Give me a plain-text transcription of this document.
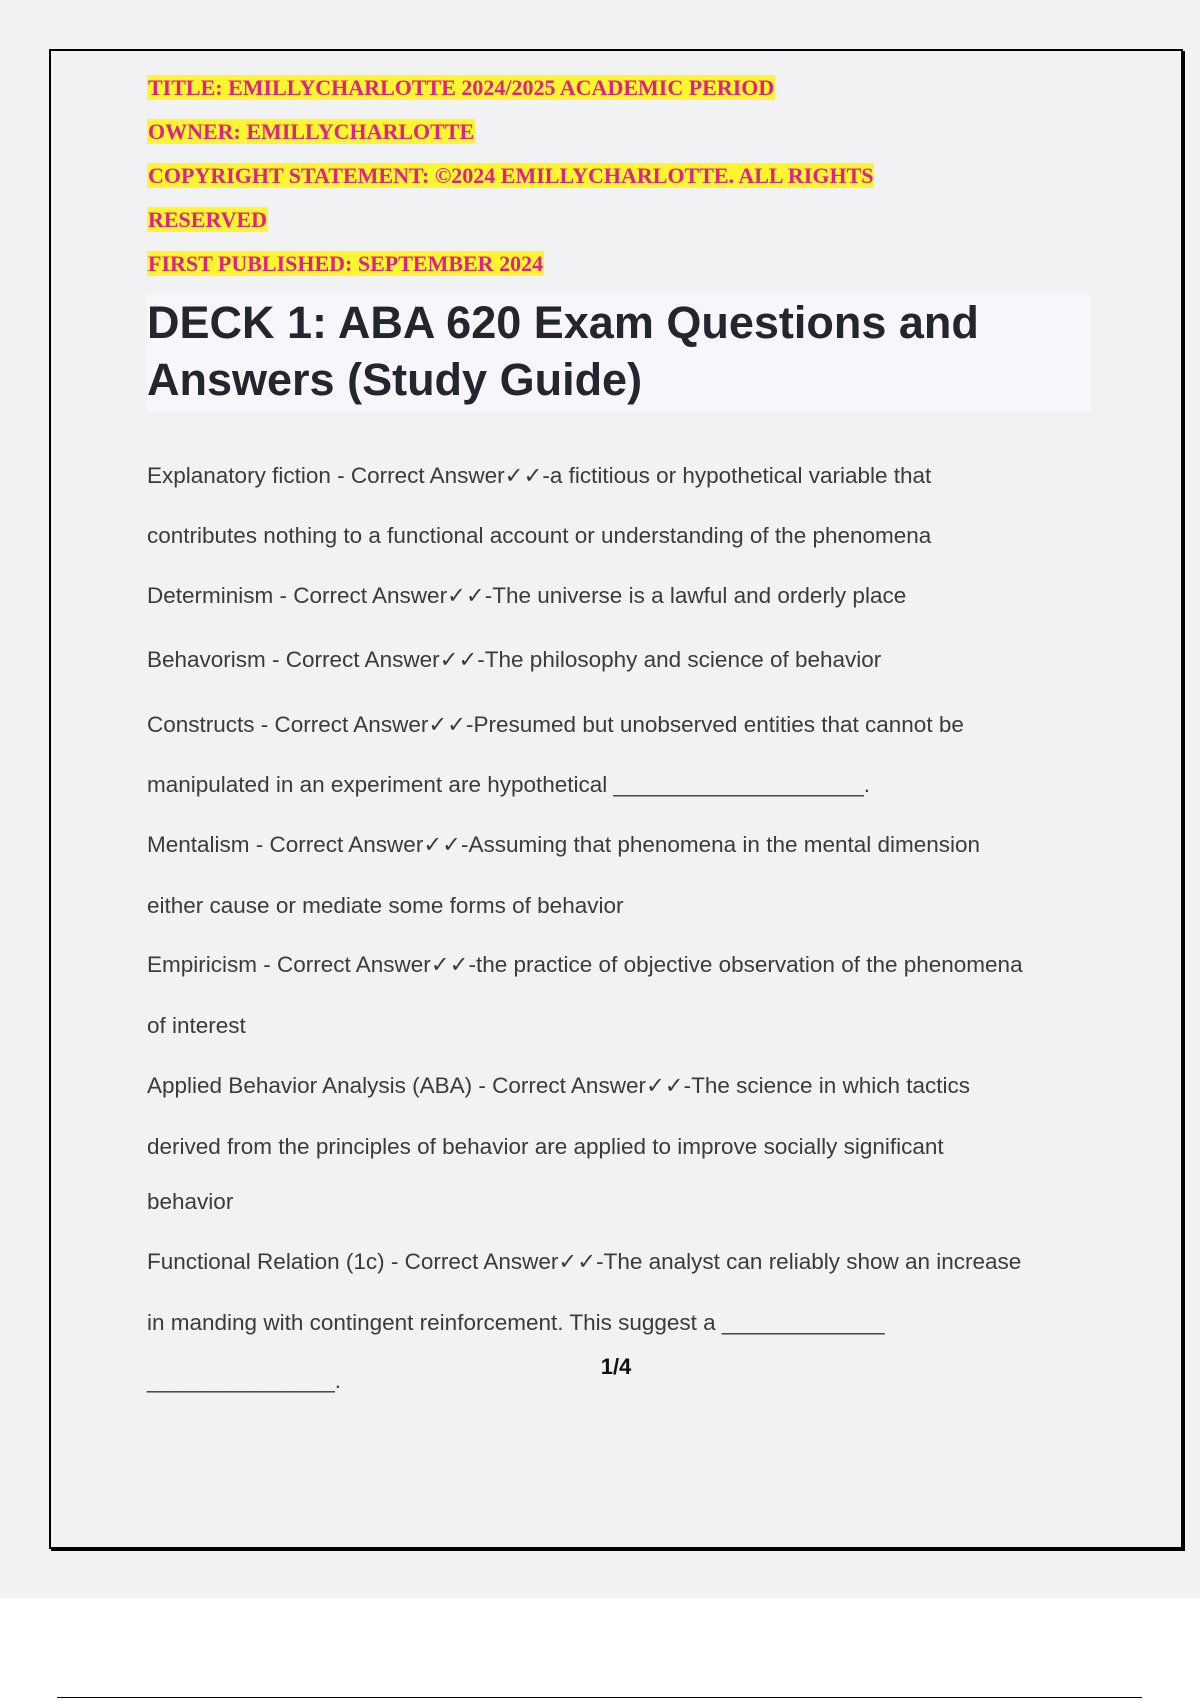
TITLE: EMILLYCHARLOTTE 2024/2025 ACADEMIC PERIOD
OWNER: EMILLYCHARLOTTE
COPYRIGHT STATEMENT: ©2024 EMILLYCHARLOTTE. ALL RIGHTS
RESERVED
FIRST PUBLISHED: SEPTEMBER 2024
DECK 1: ABA 620 Exam Questions and
Answers (Study Guide)
Explanatory fiction - Correct Answer✓✓-a fictitious or hypothetical variable that
contributes nothing to a functional account or understanding of the phenomena
Determinism - Correct Answer✓✓-The universe is a lawful and orderly place
Behavorism - Correct Answer✓✓-The philosophy and science of behavior
Constructs - Correct Answer✓✓-Presumed but unobserved entities that cannot be
manipulated in an experiment are hypothetical ____________________.
Mentalism - Correct Answer✓✓-Assuming that phenomena in the mental dimension
either cause or mediate some forms of behavior
Empiricism - Correct Answer✓✓-the practice of objective observation of the phenomena
of interest
Applied Behavior Analysis (ABA) - Correct Answer✓✓-The science in which tactics
derived from the principles of behavior are applied to improve socially significant
behavior
Functional Relation (1c) - Correct Answer✓✓-The analyst can reliably show an increase
in manding with contingent reinforcement. This suggest a _____________
_______________.
1/4
